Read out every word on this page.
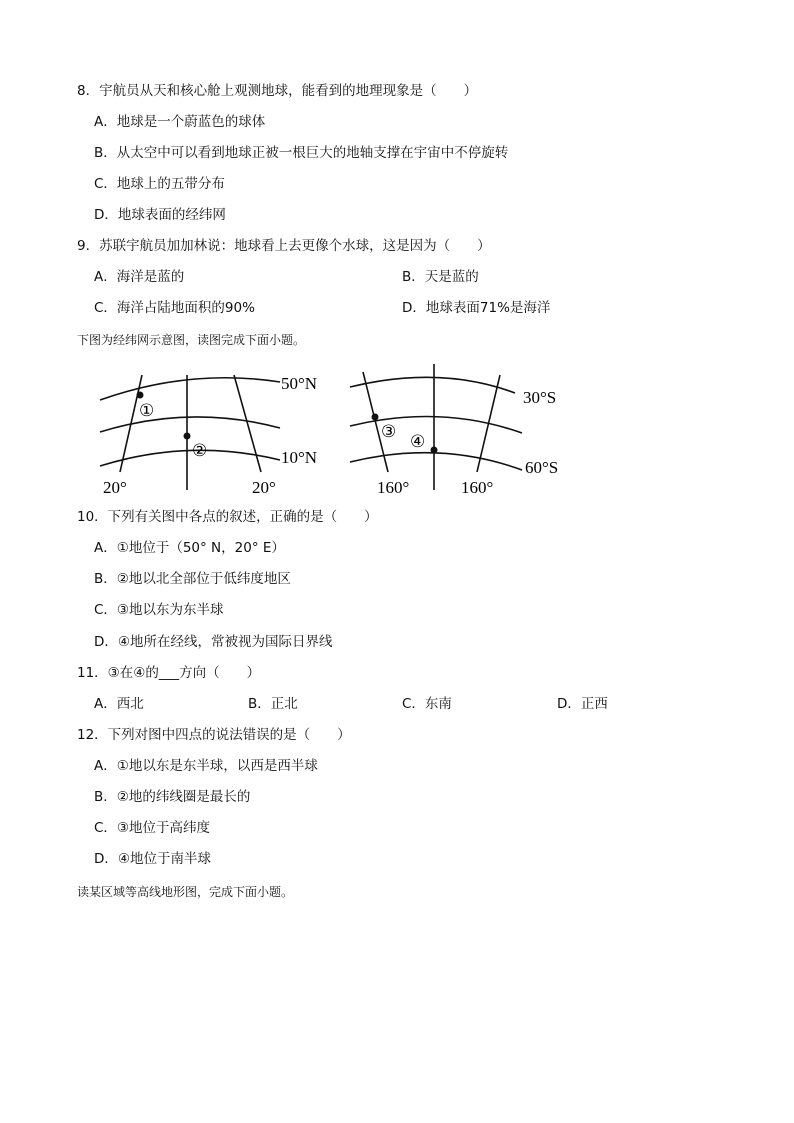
8．宇航员从天和核心舱上观测地球，能看到的地理现象是（　　）
A．地球是一个蔚蓝色的球体
B．从太空中可以看到地球正被一根巨大的地轴支撑在宇宙中不停旋转
C．地球上的五带分布
D．地球表面的经纬网
9．苏联宇航员加加林说：地球看上去更像个水球，这是因为（　　）
A．海洋是蓝的	B．天是蓝的
C．海洋占陆地面积的90%	D．地球表面71%是海洋
下图为经纬网示意图，读图完成下面小题。
①
②
50°N
10°N
20°	20°
③
④
30°S
60°S
160°	160°
10．下列有关图中各点的叙述，正确的是（　　）
A．①地位于（50° N，20° E）
B．②地以北全部位于低纬度地区
C．③地以东为东半球
D．④地所在经线，常被视为国际日界线
11．③在④的___方向（　　）
A．西北	B．正北	C．东南	D．正西
12．下列对图中四点的说法错误的是（　　）
A．①地以东是东半球，以西是西半球
B．②地的纬线圈是最长的
C．③地位于高纬度
D．④地位于南半球
读某区域等高线地形图，完成下面小题。
